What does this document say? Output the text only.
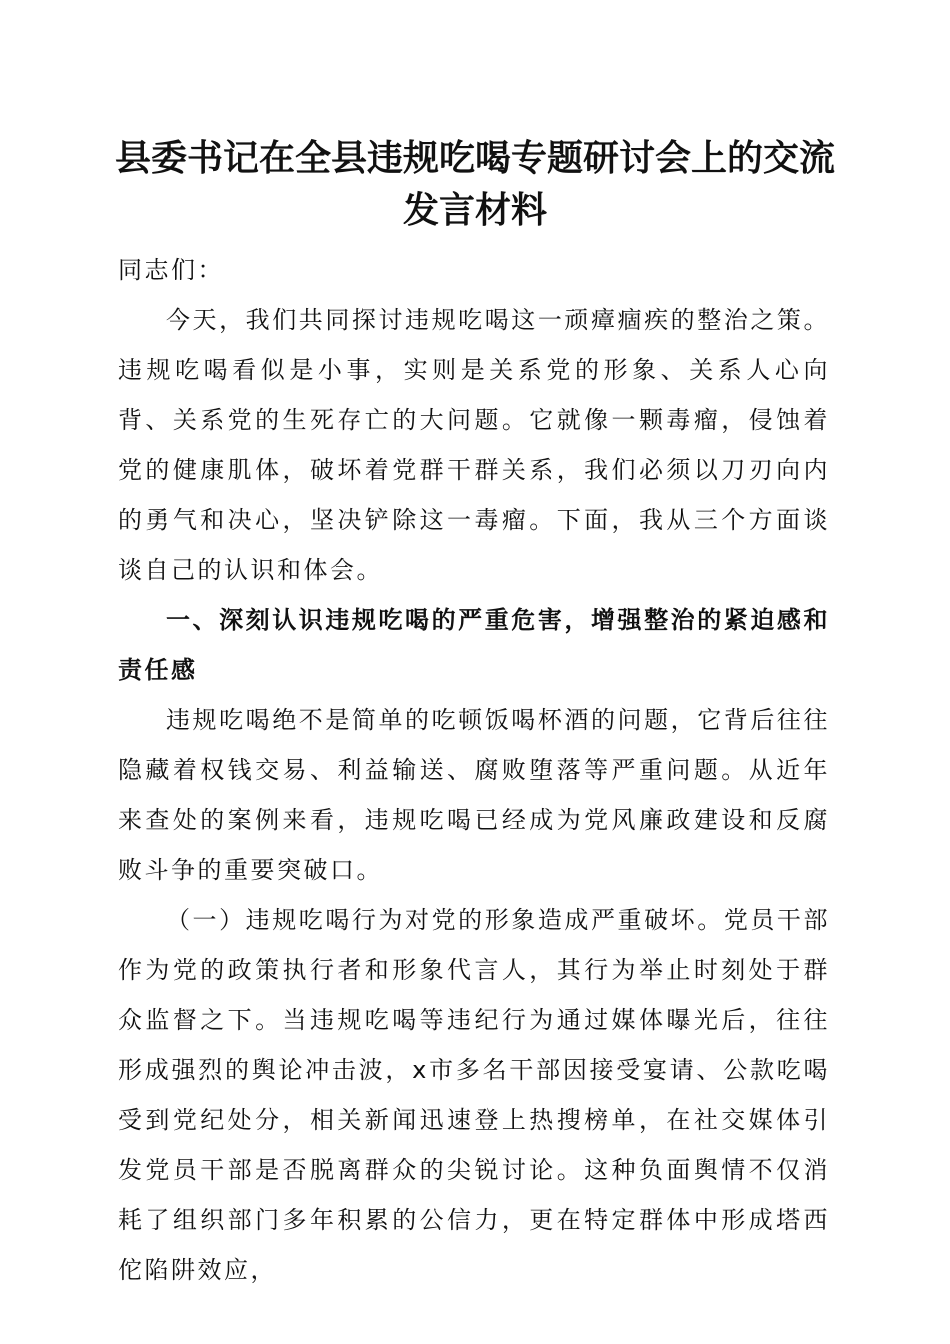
县委书记在全县违规吃喝专题研讨会上的交流发言材料

同志们：

今天，我们共同探讨违规吃喝这一顽瘴痼疾的整治之策。违规吃喝看似是小事，实则是关系党的形象、关系人心向背、关系党的生死存亡的大问题。它就像一颗毒瘤，侵蚀着党的健康肌体，破坏着党群干群关系，我们必须以刀刃向内的勇气和决心，坚决铲除这一毒瘤。下面，我从三个方面谈谈自己的认识和体会。

一、深刻认识违规吃喝的严重危害，增强整治的紧迫感和责任感

违规吃喝绝不是简单的吃顿饭喝杯酒的问题，它背后往往隐藏着权钱交易、利益输送、腐败堕落等严重问题。从近年来查处的案例来看，违规吃喝已经成为党风廉政建设和反腐败斗争的重要突破口。

（一）违规吃喝行为对党的形象造成严重破坏。党员干部作为党的政策执行者和形象代言人，其行为举止时刻处于群众监督之下。当违规吃喝等违纪行为通过媒体曝光后，往往形成强烈的舆论冲击波，x市多名干部因接受宴请、公款吃喝受到党纪处分，相关新闻迅速登上热搜榜单，在社交媒体引发党员干部是否脱离群众的尖锐讨论。这种负面舆情不仅消耗了组织部门多年积累的公信力，更在特定群体中形成塔西佗陷阱效应，
